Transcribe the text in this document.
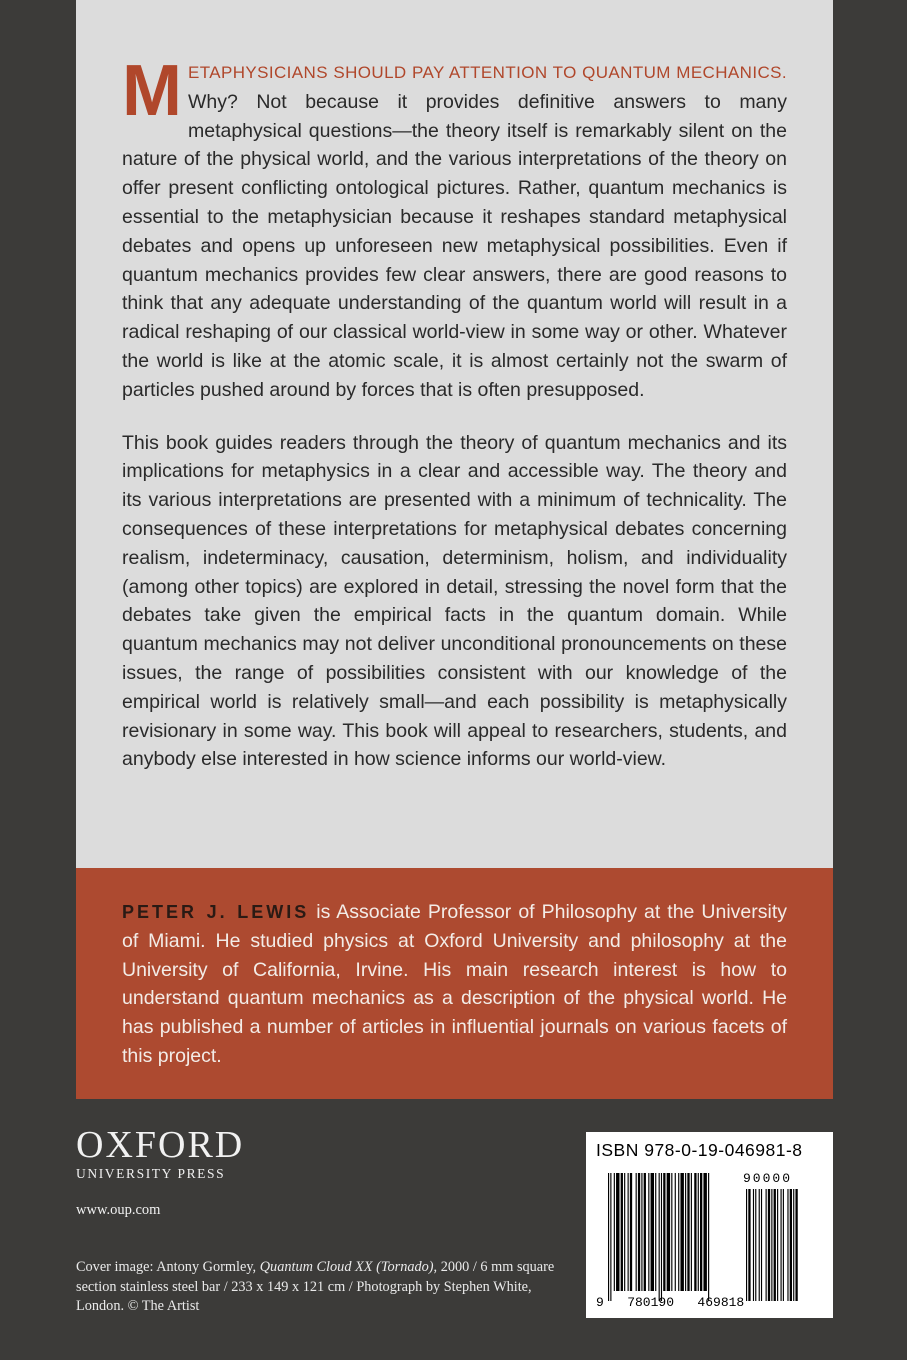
METAPHYSICIANS SHOULD PAY ATTENTION TO QUANTUM MECHANICS. Why? Not because it provides definitive answers to many metaphysical questions—the theory itself is remarkably silent on the nature of the physical world, and the various interpretations of the theory on offer present conflicting ontological pictures. Rather, quantum mechanics is essential to the metaphysician because it reshapes standard metaphysical debates and opens up unforeseen new metaphysical possibilities. Even if quantum mechanics provides few clear answers, there are good reasons to think that any adequate understanding of the quantum world will result in a radical reshaping of our classical world-view in some way or other. Whatever the world is like at the atomic scale, it is almost certainly not the swarm of particles pushed around by forces that is often presupposed.

This book guides readers through the theory of quantum mechanics and its implications for metaphysics in a clear and accessible way. The theory and its various interpretations are presented with a minimum of technicality. The consequences of these interpretations for metaphysical debates concerning realism, indeterminacy, causation, determinism, holism, and individuality (among other topics) are explored in detail, stressing the novel form that the debates take given the empirical facts in the quantum domain. While quantum mechanics may not deliver unconditional pronouncements on these issues, the range of possibilities consistent with our knowledge of the empirical world is relatively small—and each possibility is metaphysically revisionary in some way. This book will appeal to researchers, students, and anybody else interested in how science informs our world-view.

PETER J. LEWIS is Associate Professor of Philosophy at the University of Miami. He studied physics at Oxford University and philosophy at the University of California, Irvine. His main research interest is how to understand quantum mechanics as a description of the physical world. He has published a number of articles in influential journals on various facets of this project.

OXFORD
UNIVERSITY PRESS
www.oup.com
Cover image: Antony Gormley, Quantum Cloud XX (Tornado), 2000 / 6 mm square section stainless steel bar / 233 x 149 x 121 cm / Photograph by Stephen White, London. © The Artist
ISBN 978-0-19-046981-8
90000
9   780190   469818
